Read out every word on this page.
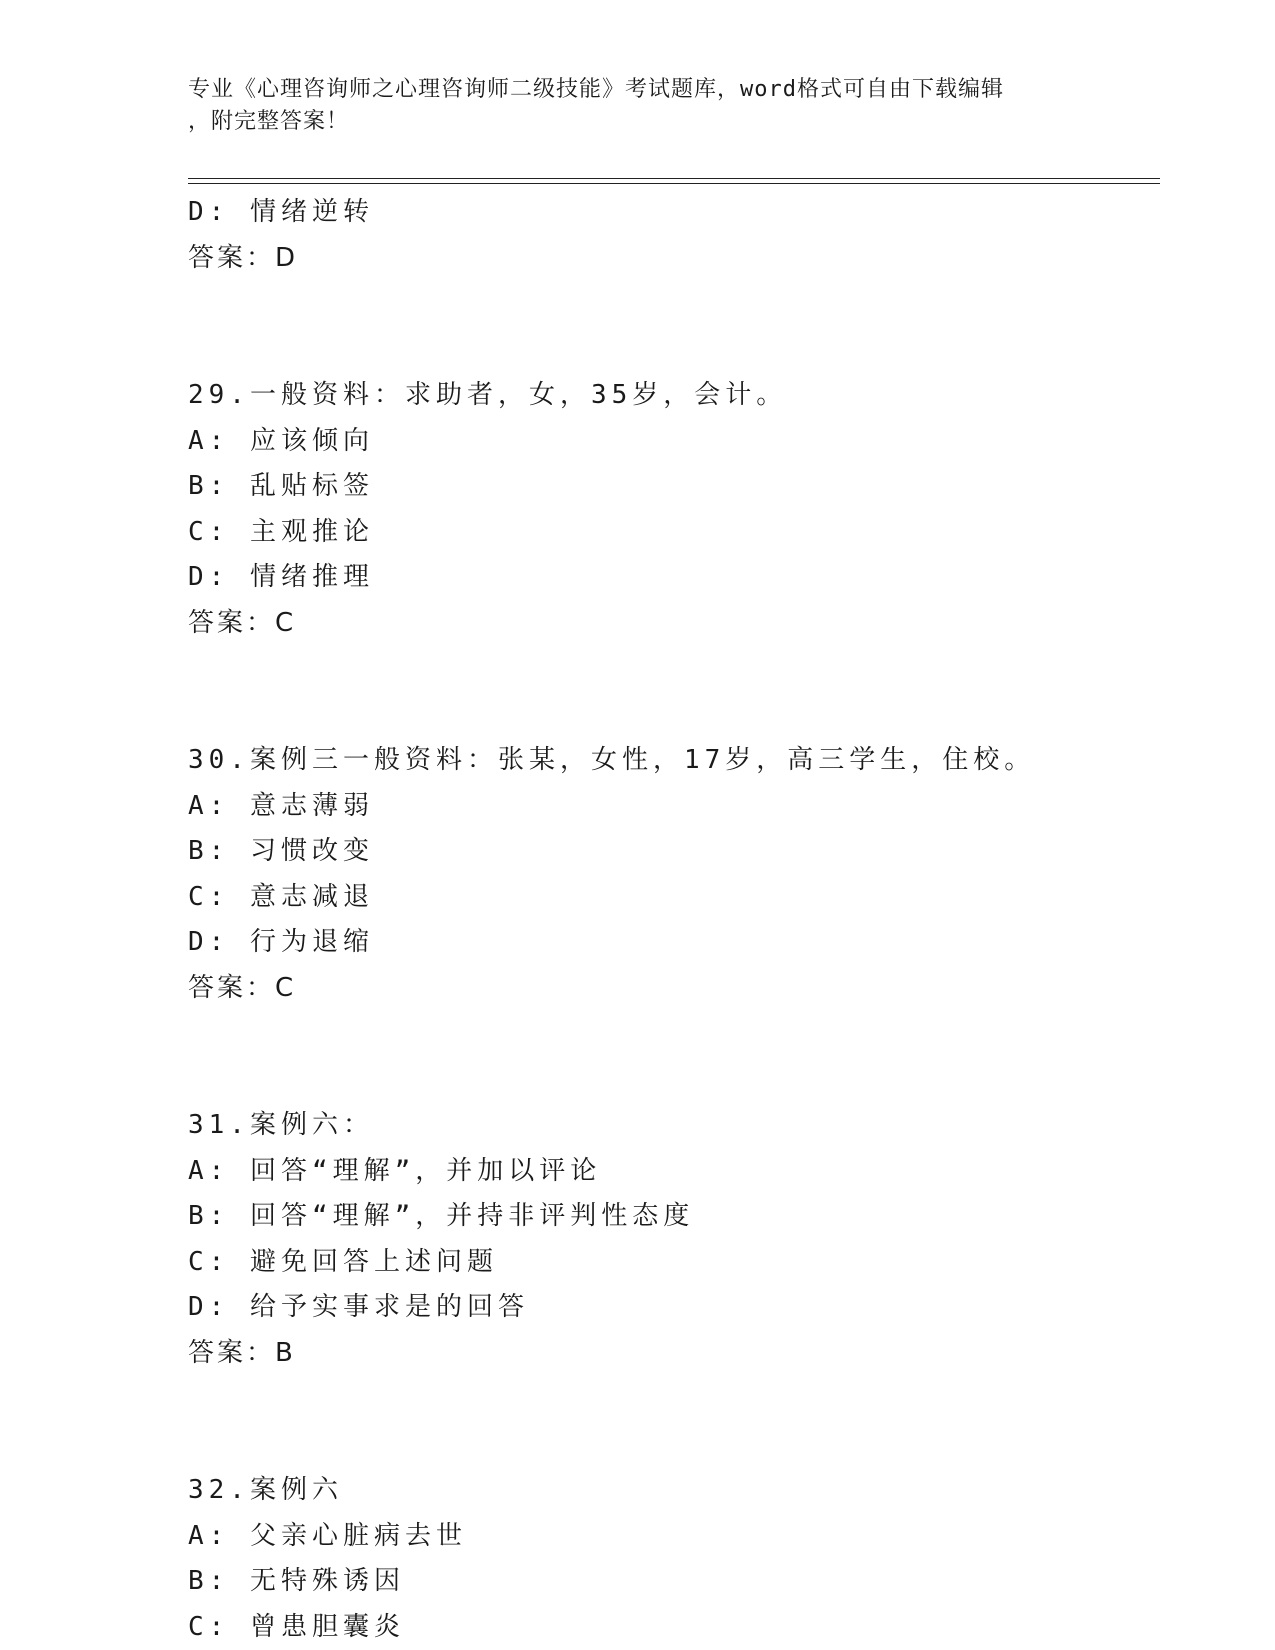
专业《心理咨询师之心理咨询师二级技能》考试题库，word格式可自由下载编辑
，附完整答案！
D: 情绪逆转
答案：D
29.一般资料：求助者，女，35岁，会计。
A: 应该倾向
B: 乱贴标签
C: 主观推论
D: 情绪推理
答案：C
30.案例三一般资料：张某，女性，17岁，高三学生，住校。
A: 意志薄弱
B: 习惯改变
C: 意志减退
D: 行为退缩
答案：C
31.案例六：
A: 回答“理解”，并加以评论
B: 回答“理解”，并持非评判性态度
C: 避免回答上述问题
D: 给予实事求是的回答
答案：B
32.案例六
A: 父亲心脏病去世
B: 无特殊诱因
C: 曾患胆囊炎
